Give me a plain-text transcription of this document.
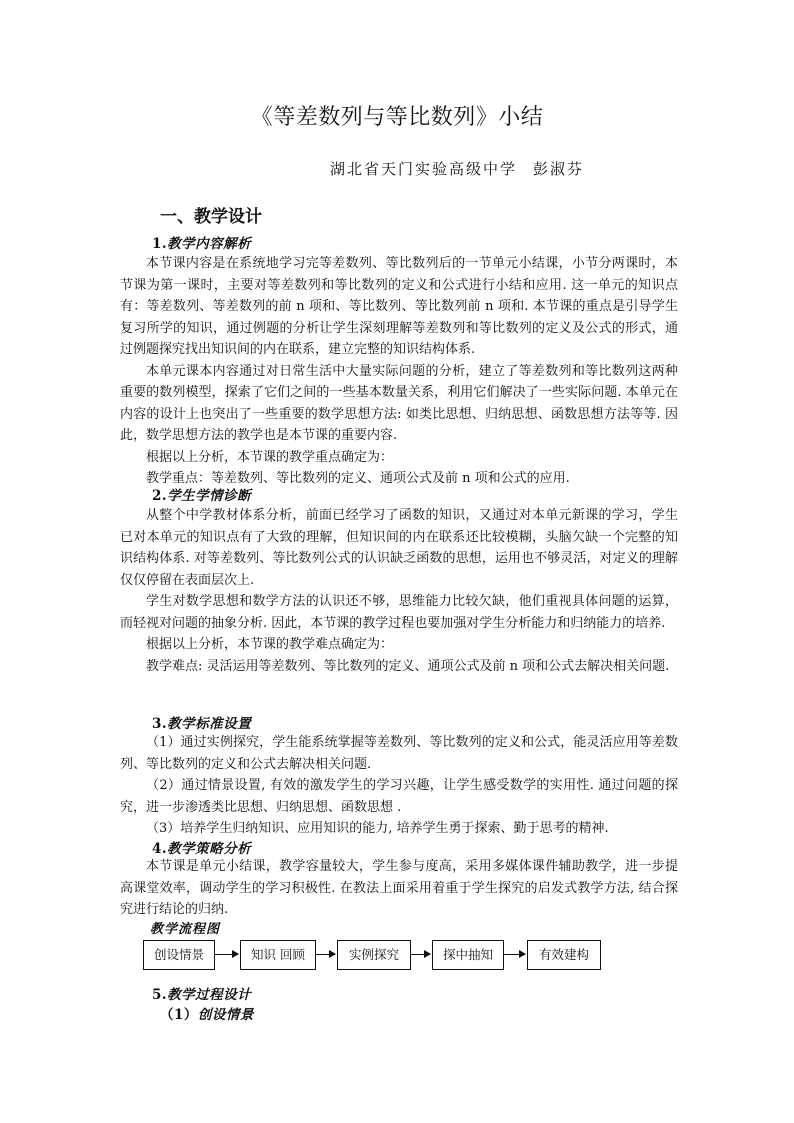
《等差数列与等比数列》小结
湖北省天门实验高级中学 彭淑芬
一、教学设计
1.教学内容解析

本节课内容是在系统地学习完等差数列、等比数列后的一节单元小结课，小节分两课时，本节课为第一课时，主要对等差数列和等比数列的定义和公式进行小结和应用. 这一单元的知识点有：等差数列、等差数列的前 n 项和、等比数列、等比数列前 n 项和. 本节课的重点是引导学生复习所学的知识，通过例题的分析让学生深刻理解等差数列和等比数列的定义及公式的形式，通过例题探究找出知识间的内在联系，建立完整的知识结构体系.

本单元课本内容通过对日常生活中大量实际问题的分析，建立了等差数列和等比数列这两种重要的数列模型，探索了它们之间的一些基本数量关系，利用它们解决了一些实际问题. 本单元在内容的设计上也突出了一些重要的数学思想方法: 如类比思想、归纳思想、函数思想方法等等. 因此，数学思想方法的教学也是本节课的重要内容.

根据以上分析，本节课的教学重点确定为：

教学重点：等差数列、等比数列的定义、通项公式及前 n 项和公式的应用.

2.学生学情诊断

从整个中学教材体系分析，前面已经学习了函数的知识，又通过对本单元新课的学习，学生已对本单元的知识点有了大致的理解，但知识间的内在联系还比较模糊，头脑欠缺一个完整的知识结构体系. 对等差数列、等比数列公式的认识缺乏函数的思想，运用也不够灵活，对定义的理解仅仅停留在表面层次上.

学生对数学思想和数学方法的认识还不够，思维能力比较欠缺，他们重视具体问题的运算，而轻视对问题的抽象分析. 因此，本节课的教学过程也要加强对学生分析能力和归纳能力的培养.

根据以上分析，本节课的教学难点确定为：

教学难点: 灵活运用等差数列、等比数列的定义、通项公式及前 n 项和公式去解决相关问题.

3.教学标准设置

（1）通过实例探究，学生能系统掌握等差数列、等比数列的定义和公式，能灵活应用等差数列、等比数列的定义和公式去解决相关问题.

（2）通过情景设置, 有效的激发学生的学习兴趣，让学生感受数学的实用性. 通过问题的探究，进一步渗透类比思想、归纳思想、函数思想 .

（3）培养学生归纳知识、应用知识的能力, 培养学生勇于探索、勤于思考的精神.

4.教学策略分析

本节课是单元小结课，教学容量较大，学生参与度高，采用多媒体课件辅助教学，进一步提高课堂效率，调动学生的学习积极性. 在教法上面采用着重于学生探究的启发式教学方法, 结合探究进行结论的归纳.

教学流程图
创设情景	知识 回顾	实例探究	探中抽知	有效建构
5.教学过程设计
（1）创设情景
